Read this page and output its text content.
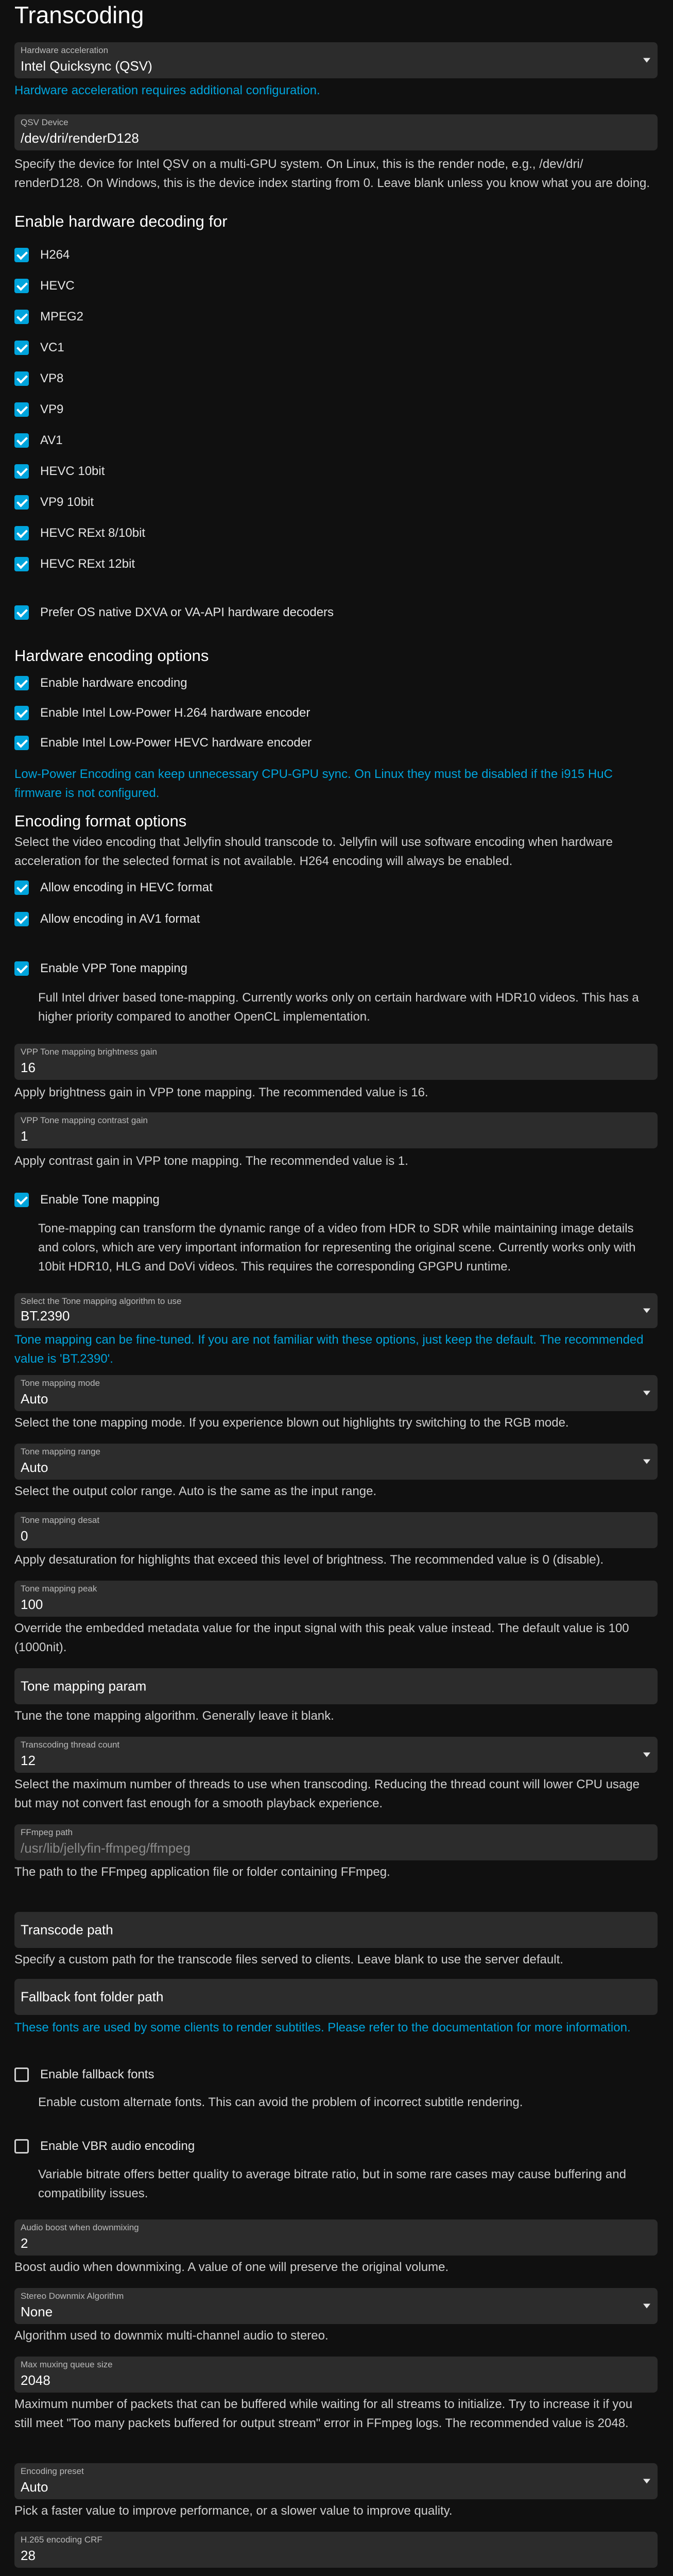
Transcoding
Hardware acceleration
Intel Quicksync (QSV)
Hardware acceleration requires additional configuration.
QSV Device
/dev/dri/renderD128
Specify the device for Intel QSV on a multi-GPU system. On Linux, this is the render node, e.g., /dev/dri/ renderD128. On Windows, this is the device index starting from 0. Leave blank unless you know what you are doing.
Enable hardware decoding for
H264
HEVC
MPEG2
VC1
VP8
VP9
AV1
HEVC 10bit
VP9 10bit
HEVC RExt 8/10bit
HEVC RExt 12bit
Prefer OS native DXVA or VA-API hardware decoders
Hardware encoding options
Enable hardware encoding
Enable Intel Low-Power H.264 hardware encoder
Enable Intel Low-Power HEVC hardware encoder
Low-Power Encoding can keep unnecessary CPU-GPU sync. On Linux they must be disabled if the i915 HuC firmware is not configured.
Encoding format options
Select the video encoding that Jellyfin should transcode to. Jellyfin will use software encoding when hardware acceleration for the selected format is not available. H264 encoding will always be enabled.
Allow encoding in HEVC format
Allow encoding in AV1 format
Enable VPP Tone mapping
Full Intel driver based tone-mapping. Currently works only on certain hardware with HDR10 videos. This has a higher priority compared to another OpenCL implementation.
VPP Tone mapping brightness gain
16
Apply brightness gain in VPP tone mapping. The recommended value is 16.
VPP Tone mapping contrast gain
1
Apply contrast gain in VPP tone mapping. The recommended value is 1.
Enable Tone mapping
Tone-mapping can transform the dynamic range of a video from HDR to SDR while maintaining image details and colors, which are very important information for representing the original scene. Currently works only with 10bit HDR10, HLG and DoVi videos. This requires the corresponding GPGPU runtime.
Select the Tone mapping algorithm to use
BT.2390
Tone mapping can be fine-tuned. If you are not familiar with these options, just keep the default. The recommended value is 'BT.2390'.
Tone mapping mode
Auto
Select the tone mapping mode. If you experience blown out highlights try switching to the RGB mode.
Tone mapping range
Auto
Select the output color range. Auto is the same as the input range.
Tone mapping desat
0
Apply desaturation for highlights that exceed this level of brightness. The recommended value is 0 (disable).
Tone mapping peak
100
Override the embedded metadata value for the input signal with this peak value instead. The default value is 100 (1000nit).
Tone mapping param
Tune the tone mapping algorithm. Generally leave it blank.
Transcoding thread count
12
Select the maximum number of threads to use when transcoding. Reducing the thread count will lower CPU usage but may not convert fast enough for a smooth playback experience.
FFmpeg path
/usr/lib/jellyfin-ffmpeg/ffmpeg
The path to the FFmpeg application file or folder containing FFmpeg.
Transcode path
Specify a custom path for the transcode files served to clients. Leave blank to use the server default.
Fallback font folder path
These fonts are used by some clients to render subtitles. Please refer to the documentation for more information.
Enable fallback fonts
Enable custom alternate fonts. This can avoid the problem of incorrect subtitle rendering.
Enable VBR audio encoding
Variable bitrate offers better quality to average bitrate ratio, but in some rare cases may cause buffering and compatibility issues.
Audio boost when downmixing
2
Boost audio when downmixing. A value of one will preserve the original volume.
Stereo Downmix Algorithm
None
Algorithm used to downmix multi-channel audio to stereo.
Max muxing queue size
2048
Maximum number of packets that can be buffered while waiting for all streams to initialize. Try to increase it if you still meet "Too many packets buffered for output stream" error in FFmpeg logs. The recommended value is 2048.
Encoding preset
Auto
Pick a faster value to improve performance, or a slower value to improve quality.
H.265 encoding CRF
28
